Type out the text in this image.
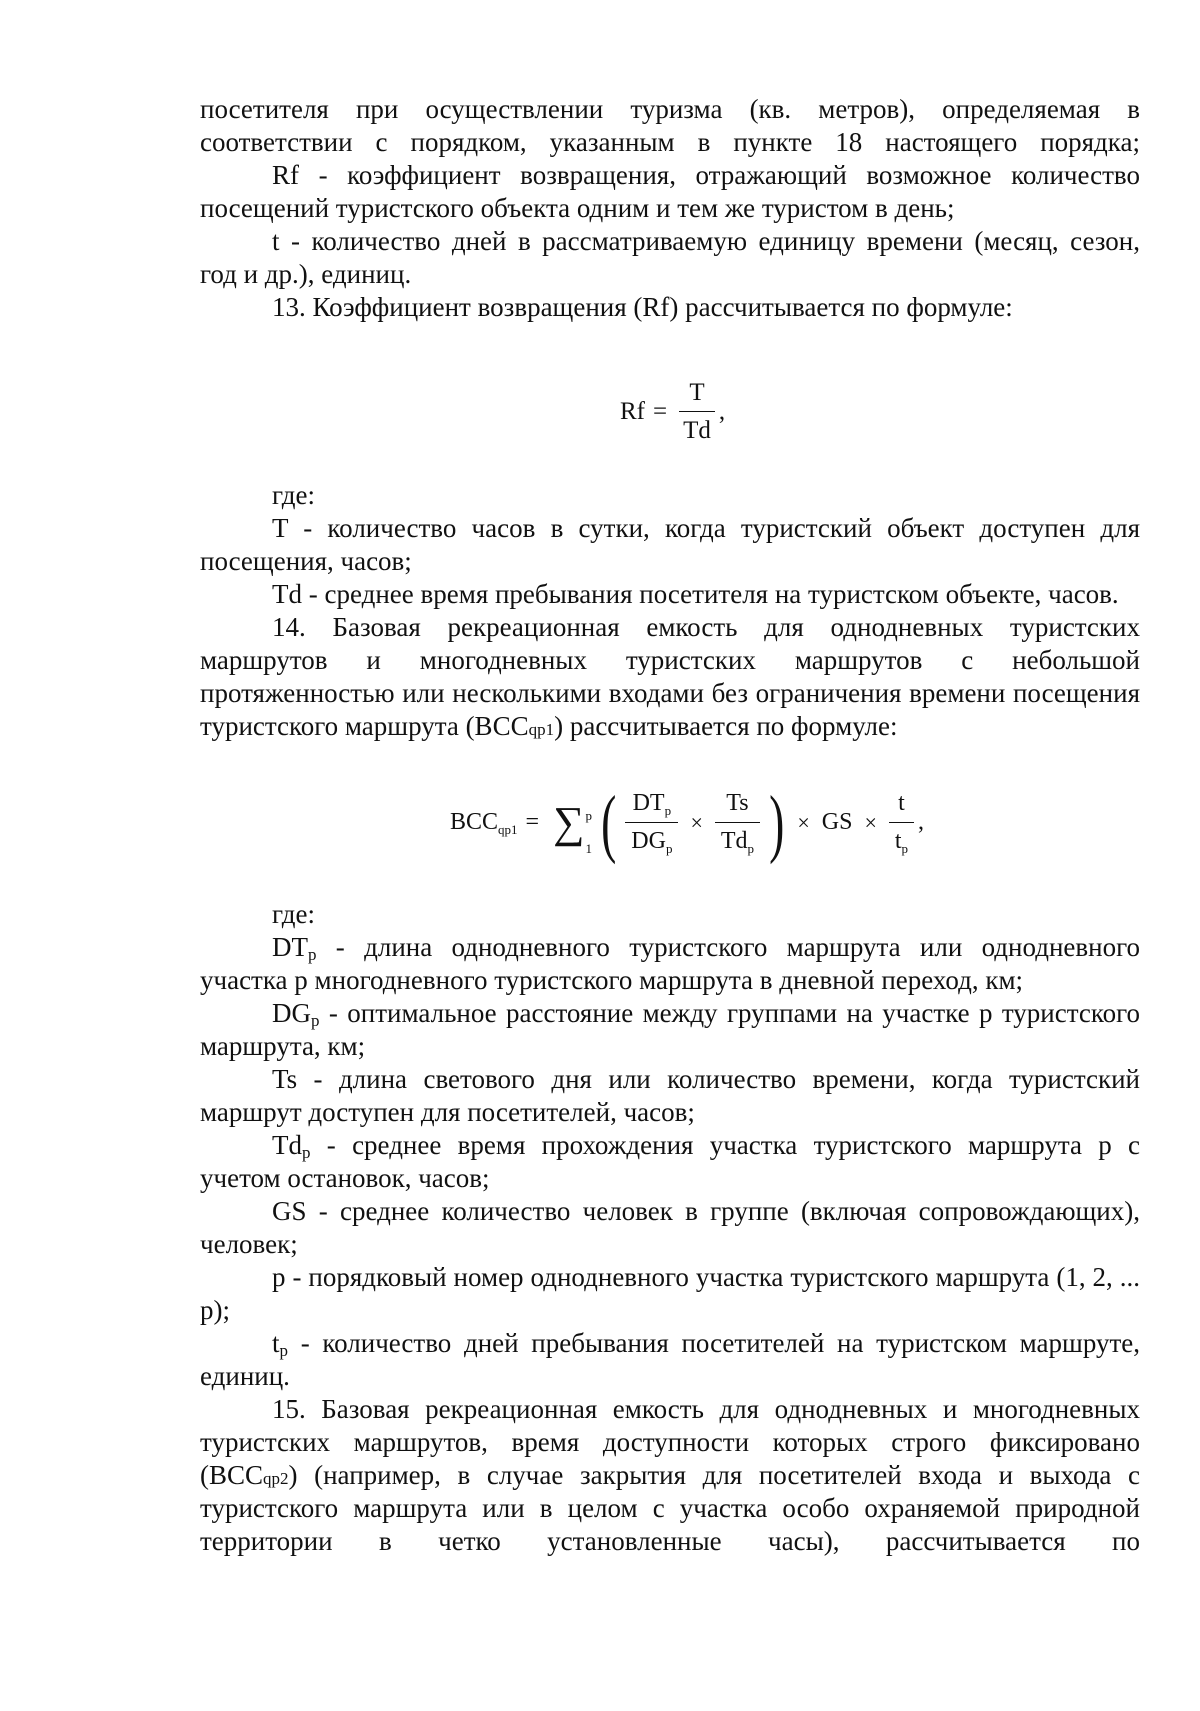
посетителя при осуществлении туризма (кв. метров), определяемая в соответствии с порядком, указанным в пункте 18 настоящего порядка;

Rf - коэффициент возвращения, отражающий возможное количество посещений туристского объекта одним и тем же туристом в день;

t - количество дней в рассматриваемую единицу времени (месяц, сезон, год и др.), единиц.

13. Коэффициент возвращения (Rf) рассчитывается по формуле:

$Rf = \frac{T}{Td}$ ,

где:

T - количество часов в сутки, когда туристский объект доступен для посещения, часов;

Td - среднее время пребывания посетителя на туристском объекте, часов.

14. Базовая рекреационная емкость для однодневных туристских маршрутов и многодневных туристских маршрутов с небольшой протяженностью или несколькими входами без ограничения времени посещения туристского маршрута (BCCqp1) рассчитывается по формуле:

$BCC_{qp1}$ = ∑ p
1 ( $\frac{DT_p}{DG_p} \times \frac{Ts}{Td_p}$ ) × GS × $\frac{t}{t_p}$ ,

где:

$DT_p$ - длина однодневного туристского маршрута или однодневного участка p многодневного туристского маршрута в дневной переход, км;

$DG_p$ - оптимальное расстояние между группами на участке p туристского маршрута, км;

Ts - длина светового дня или количество времени, когда туристский маршрут доступен для посетителей, часов;

$Td_p$ - среднее время прохождения участка туристского маршрута p с учетом остановок, часов;

GS - среднее количество человек в группе (включая сопровождающих), человек;

p - порядковый номер однодневного участка туристского маршрута (1, 2, ... p);

$t_p$ - количество дней пребывания посетителей на туристском маршруте, единиц.

15. Базовая рекреационная емкость для однодневных и многодневных туристских маршрутов, время доступности которых строго фиксировано (BCCqp2) (например, в случае закрытия для посетителей входа и выхода с туристского маршрута или в целом с участка особо охраняемой природной территории в четко установленные часы), рассчитывается по
